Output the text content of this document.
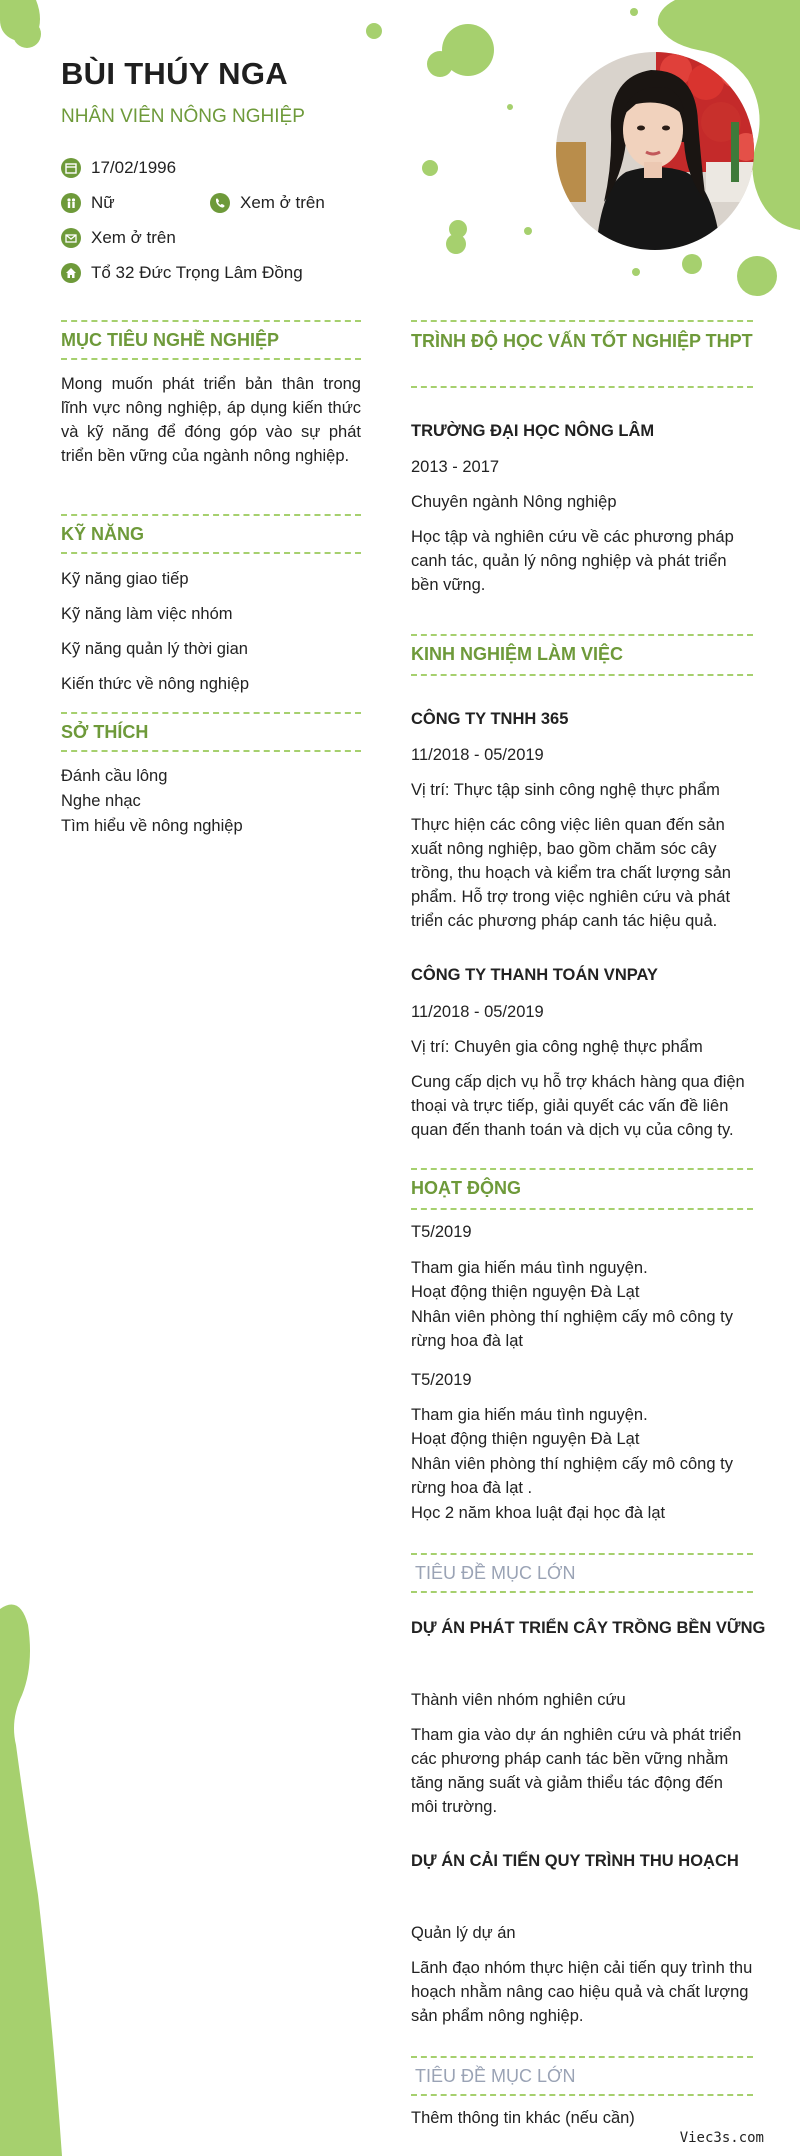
BÙI THÚY NGA
NHÂN VIÊN NÔNG NGHIỆP
17/02/1996
Nữ	Xem ở trên
Xem ở trên
Tổ 32 Đức Trọng Lâm Đồng
MỤC TIÊU NGHỀ NGHIỆP
Mong muốn phát triển bản thân trong lĩnh vực nông nghiệp, áp dụng kiến thức và kỹ năng để đóng góp vào sự phát triển bền vững của ngành nông nghiệp.
KỸ NĂNG
Kỹ năng giao tiếp
Kỹ năng làm việc nhóm
Kỹ năng quản lý thời gian
Kiến thức về nông nghiệp
SỞ THÍCH
Đánh cầu lông
Nghe nhạc
Tìm hiểu về nông nghiệp
TRÌNH ĐỘ HỌC VẤN TỐT NGHIỆP THPT
TRƯỜNG ĐẠI HỌC NÔNG LÂM
2013 - 2017
Chuyên ngành Nông nghiệp
Học tập và nghiên cứu về các phương pháp canh tác, quản lý nông nghiệp và phát triển bền vững.
KINH NGHIỆM LÀM VIỆC
CÔNG TY TNHH 365
11/2018 - 05/2019
Vị trí: Thực tập sinh công nghệ thực phẩm
Thực hiện các công việc liên quan đến sản xuất nông nghiệp, bao gồm chăm sóc cây trồng, thu hoạch và kiểm tra chất lượng sản phẩm. Hỗ trợ trong việc nghiên cứu và phát triển các phương pháp canh tác hiệu quả.
CÔNG TY THANH TOÁN VNPAY
11/2018 - 05/2019
Vị trí: Chuyên gia công nghệ thực phẩm
Cung cấp dịch vụ hỗ trợ khách hàng qua điện thoại và trực tiếp, giải quyết các vấn đề liên quan đến thanh toán và dịch vụ của công ty.
HOẠT ĐỘNG
T5/2019
Tham gia hiến máu tình nguyện.
Hoạt động thiện nguyện Đà Lạt
Nhân viên phòng thí nghiệm cấy mô công ty rừng hoa đà lạt
T5/2019
Tham gia hiến máu tình nguyện.
Hoạt động thiện nguyện Đà Lạt
Nhân viên phòng thí nghiệm cấy mô công ty rừng hoa đà lạt .
Học 2 năm khoa luật đại học đà lạt
TIÊU ĐỀ MỤC LỚN
DỰ ÁN PHÁT TRIỂN CÂY TRỒNG BỀN VỮNG
Thành viên nhóm nghiên cứu
Tham gia vào dự án nghiên cứu và phát triển các phương pháp canh tác bền vững nhằm tăng năng suất và giảm thiểu tác động đến môi trường.
DỰ ÁN CẢI TIẾN QUY TRÌNH THU HOẠCH
Quản lý dự án
Lãnh đạo nhóm thực hiện cải tiến quy trình thu hoạch nhằm nâng cao hiệu quả và chất lượng sản phẩm nông nghiệp.
TIÊU ĐỀ MỤC LỚN
Thêm thông tin khác (nếu cần)
Viec3s.com
